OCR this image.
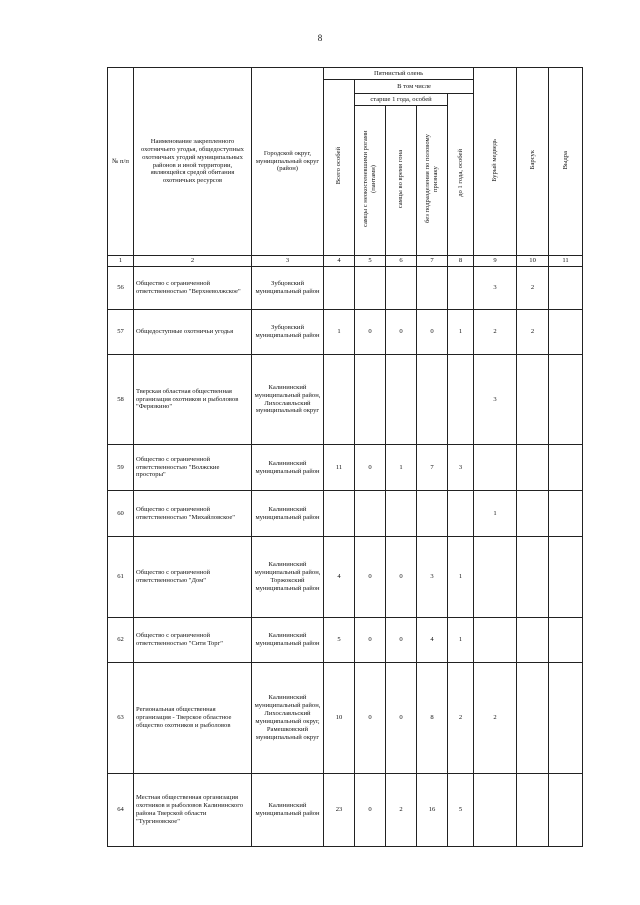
8
№ п/п	Наименование закрепленного охотничьего угодья, общедоступных охотничьих угодий муниципальных районов и иной территории, являющейся средой обитания охотничьих ресурсов	Городской округ, муниципальный округ (район)	Пятнистый олень					Бурый медведь	Барсук	Выдра
			Всего особей	В том числе						
				старше 1 года, особей			до 1 года, особей			
				самцы с неокостеневшими рогами (пантами)	самцы во время гона	без подразделения по половому признаку				
1	2	3	4	5	6	7	8	9	10	11
56	Общество с ограниченной ответственностью "Верхневолжское"	Зубцовский муниципальный район						3	2	
57	Общедоступные охотничьи угодья	Зубцовский муниципальный район	1	0	0	0	1	2	2	
58	Тверская областная общественная организация охотников и рыболовов "Ферязкино"	Калининский муниципальный район, Лихославльский муниципальный округ						3		
59	Общество с ограниченной ответственностью "Волжские просторы"	Калининский муниципальный район	11	0	1	7	3			
60	Общество с ограниченной ответственностью "Михайловское"	Калининский муниципальный район						1		
61	Общество с ограниченной ответственностью "Дом"	Калининский муниципальный район, Торжокский муниципальный район	4	0	0	3	1			
62	Общество с ограниченной ответственностью "Сити Торг"	Калининский муниципальный район	5	0	0	4	1			
63	Региональная общественная организация - Тверское областное общество охотников и рыболовов	Калининский муниципальный район, Лихославльский муниципальный округ, Рамешковский муниципальный округ	10	0	0	8	2	2		
64	Местная общественная организация охотников и рыболовов Калининского района Тверской области "Тургиновское"	Калининский муниципальный район	23	0	2	16	5			
